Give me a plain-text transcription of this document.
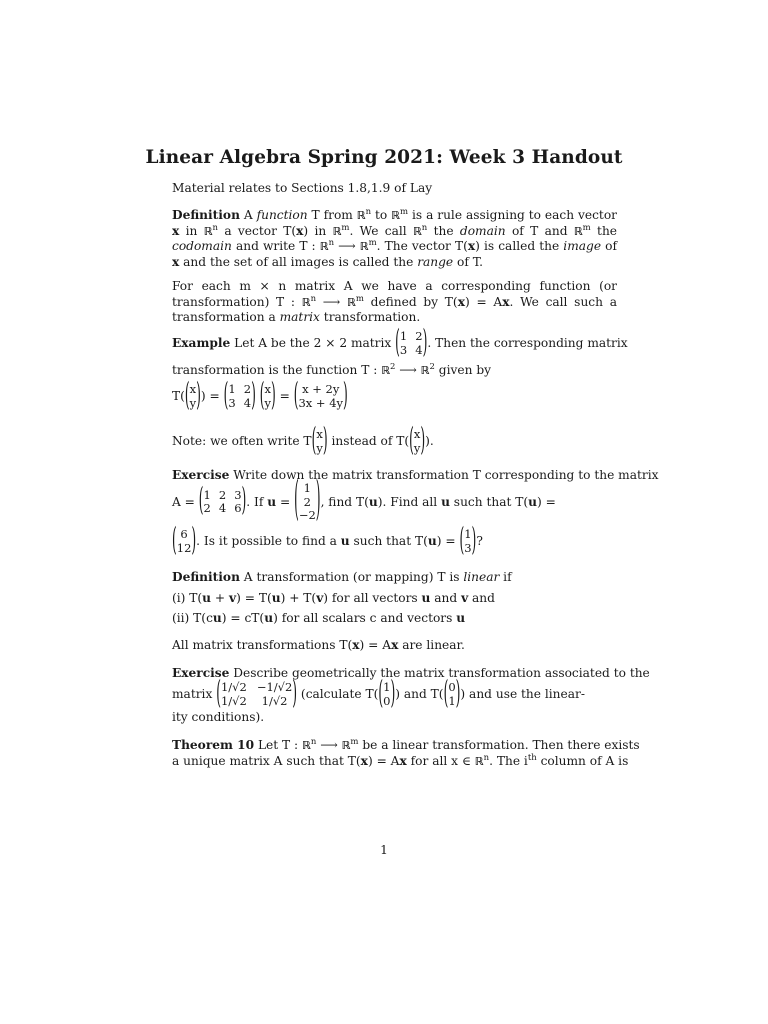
Linear Algebra Spring 2021: Week 3 Handout
Material relates to Sections 1.8,1.9 of Lay
Definition A function T from ℝ$^n$ to ℝ$^m$ is a rule assigning to each vector x in ℝ$^n$ a vector T(x) in ℝ$^m$. We call ℝ$^n$ the domain of T and ℝ$^m$ the codomain and write T : ℝ$^n$ ⟶ ℝ$^m$. The vector T(x) is called the image of x and the set of all images is called the range of T.
For each m × n matrix A we have a corresponding function (or transformation) T : ℝ$^n$ ⟶ ℝ$^m$ defined by T(x) = Ax. We call such a transformation a matrix transformation.
Example Let A be the 2 × 2 matrix ( 1 2
3 4 ) . Then the corresponding matrix
transformation is the function T : ℝ$^2$ ⟶ ℝ$^2$ given by
T( ( x
y ) ) = ( 1 2
3 4 )
( x
y ) = ( x + 2y
3x + 4y )
Note: we often write T ( x
y ) instead of T( ( x
y ) ).
Exercise Write down the matrix transformation T corresponding to the matrix
A = ( 1 2 3
2 4 6 ) . If u = ( 1
2
−2 ) , find T(u). Find all u such that T(u) =
( 6
12 ) . Is it possible to find a u such that T(u) = ( 1
3 ) ?
Definition A transformation (or mapping) T is linear if
(i) T(u + v) = T(u) + T(v) for all vectors u and v and
(ii) T(cu) = cT(u) for all scalars c and vectors u
All matrix transformations T(x) = Ax are linear.
Exercise Describe geometrically the matrix transformation associated to the
matrix ( 1/√2 −1/√2
1/√2	1/√2 ) (calculate T( ( 1
0 ) ) and T( ( 0
1 ) ) and use the linear-
ity conditions).
Theorem 10 Let T : ℝ$^n$ ⟶ ℝ$^m$ be a linear transformation. Then there exists
a unique matrix A such that T(x) = Ax for all x ∈ ℝ$^n$. The $i^{th}$ column of A is
1
